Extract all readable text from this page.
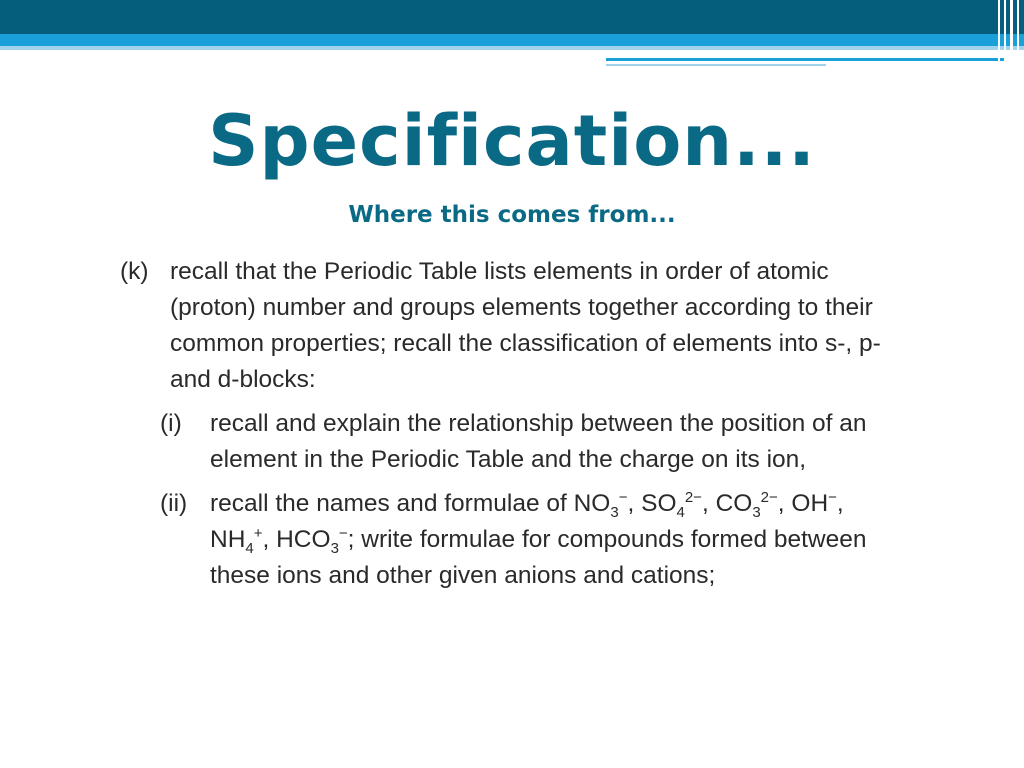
Specification...
Where this comes from...
(k) recall that the Periodic Table lists elements in order of atomic (proton) number and groups elements together according to their common properties; recall the classification of elements into s-, p- and d-blocks:
(i)	recall and explain the relationship between the position of an element in the Periodic Table and the charge on its ion,
(ii) recall the names and formulae of $NO_3^-$, $SO_4^{2-}$, $CO_3^{2-}$, OH−, $NH_4^+$, $HCO_3^-$; write formulae for compounds formed between these ions and other given anions and cations;
